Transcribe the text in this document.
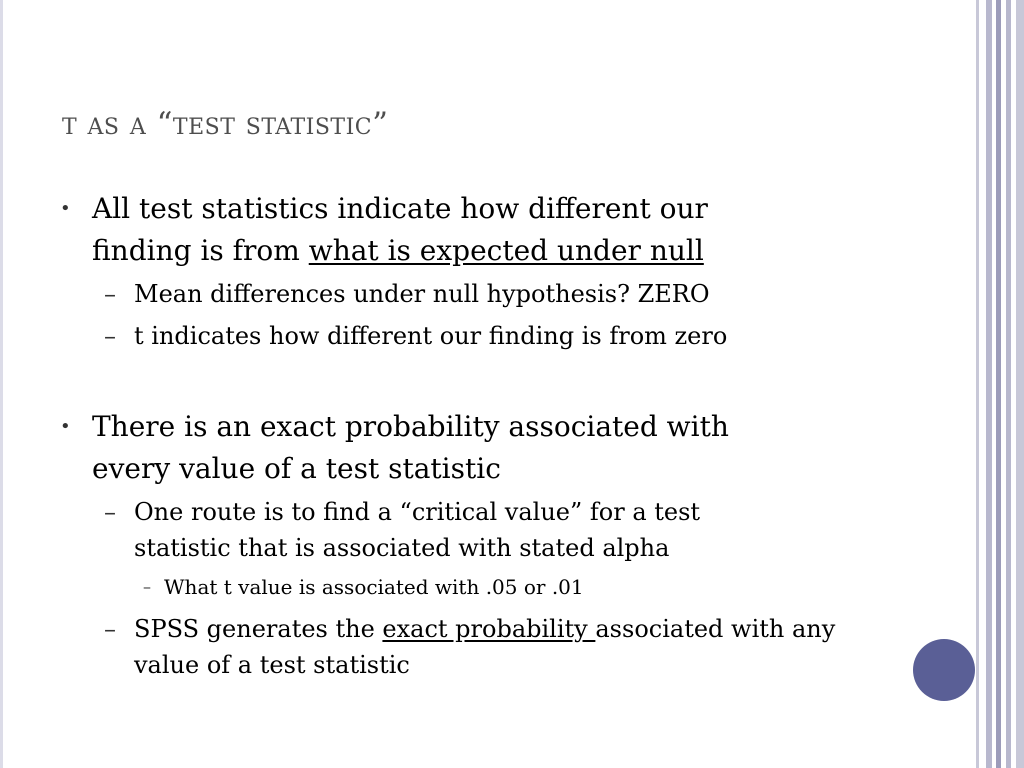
t as a “test statistic”
• All test statistics indicate how different our finding is from what is expected under null
– Mean differences under null hypothesis? ZERO
– t indicates how different our finding is from zero
• There is an exact probability associated with every value of a test statistic
– One route is to find a “critical value” for a test statistic that is associated with stated alpha
– What t value is associated with .05 or .01
– SPSS generates the exact probability associated with any value of a test statistic
